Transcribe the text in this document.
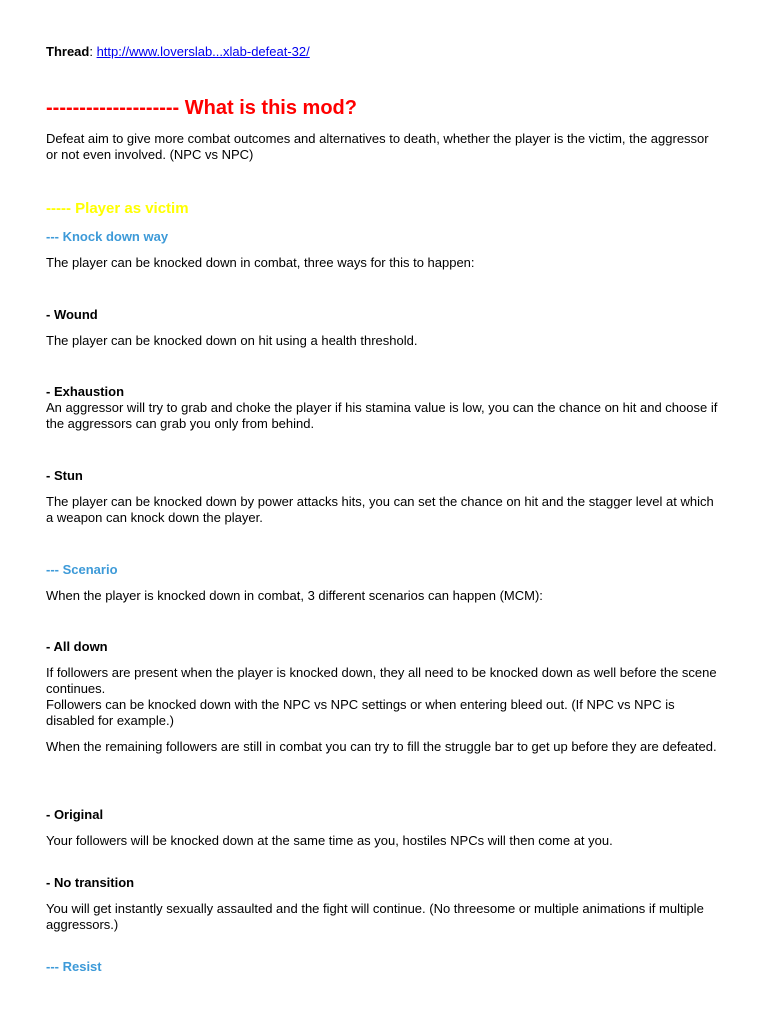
Thread: http://www.loverslab...xlab-defeat-32/

-------------------- What is this mod?

Defeat aim to give more combat outcomes and alternatives to death, whether the player is the victim, the aggressor or not even involved. (NPC vs NPC)

----- Player as victim

--- Knock down way

The player can be knocked down in combat, three ways for this to happen:

- Wound

The player can be knocked down on hit using a health threshold.

- Exhaustion

An aggressor will try to grab and choke the player if his stamina value is low, you can the chance on hit and choose if the aggressors can grab you only from behind.

- Stun

The player can be knocked down by power attacks hits, you can set the chance on hit and the stagger level at which a weapon can knock down the player.

--- Scenario

When the player is knocked down in combat, 3 different scenarios can happen (MCM):

- All down

If followers are present when the player is knocked down, they all need to be knocked down as well before the scene continues.

Followers can be knocked down with the NPC vs NPC settings or when entering bleed out. (If NPC vs NPC is disabled for example.)

When the remaining followers are still in combat you can try to fill the struggle bar to get up before they are defeated.

- Original

Your followers will be knocked down at the same time as you, hostiles NPCs will then come at you.

- No transition

You will get instantly sexually assaulted and the fight will continue. (No threesome or multiple animations if multiple aggressors.)

--- Resist
